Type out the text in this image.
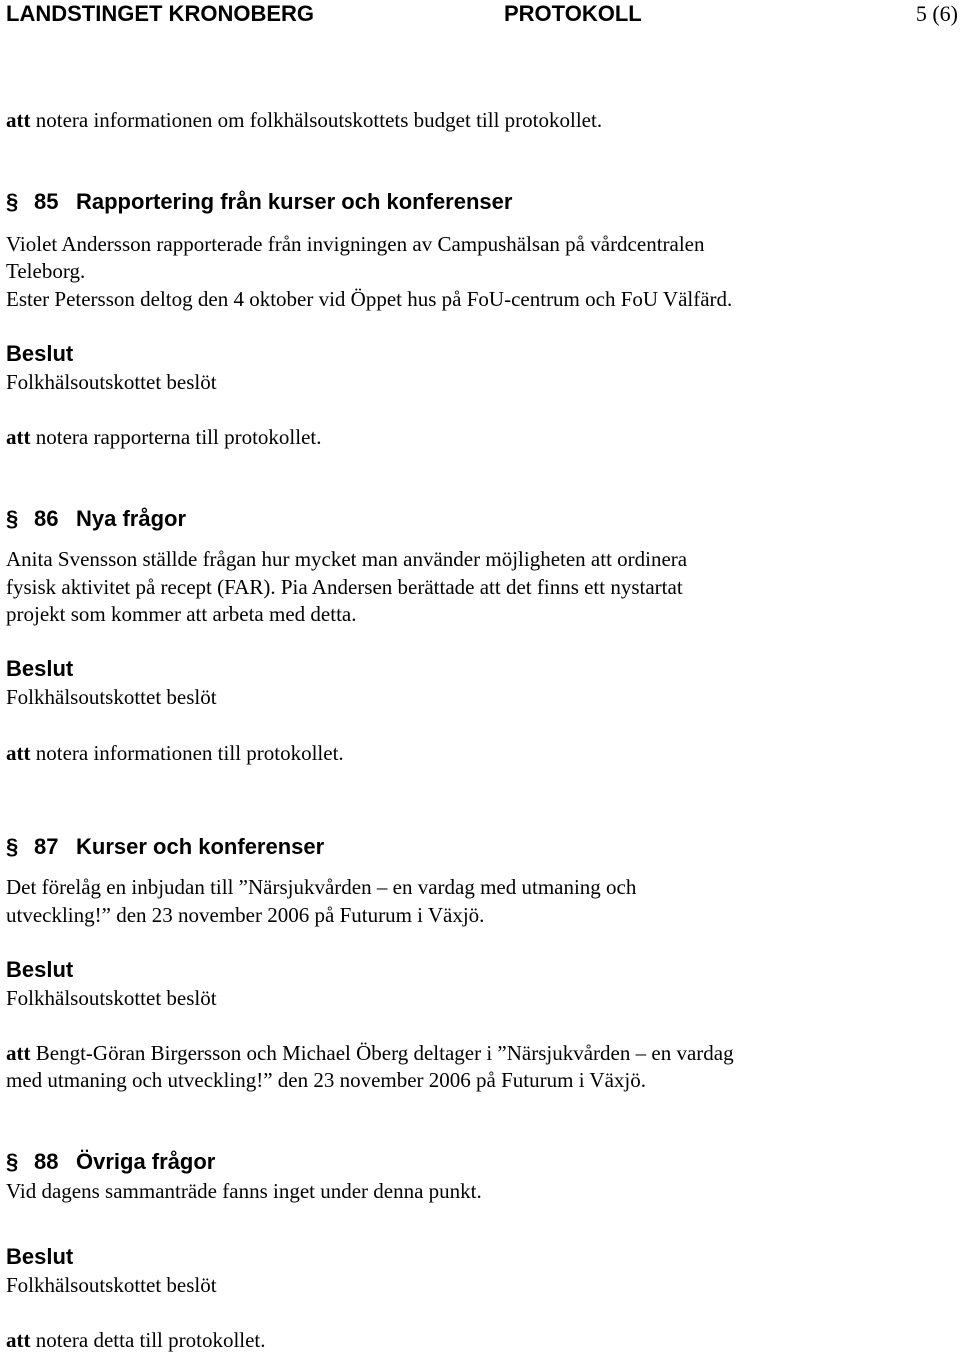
LANDSTINGET KRONOBERG	PROTOKOLL	5 (6)
att notera informationen om folkhälsoutskottets budget till protokollet.
§ 85 Rapportering från kurser och konferenser
Violet Andersson rapporterade från invigningen av Campushälsan på vårdcentralen
Teleborg.
Ester Petersson deltog den 4 oktober vid Öppet hus på FoU-centrum och FoU Välfärd.
Beslut
Folkhälsoutskottet beslöt
att notera rapporterna till protokollet.
§ 86 Nya frågor
Anita Svensson ställde frågan hur mycket man använder möjligheten att ordinera
fysisk aktivitet på recept (FAR). Pia Andersen berättade att det finns ett nystartat
projekt som kommer att arbeta med detta.
Beslut
Folkhälsoutskottet beslöt
att notera informationen till protokollet.
§ 87 Kurser och konferenser
Det förelåg en inbjudan till ”Närsjukvården – en vardag med utmaning och
utveckling!” den 23 november 2006 på Futurum i Växjö.
Beslut
Folkhälsoutskottet beslöt
att Bengt-Göran Birgersson och Michael Öberg deltager i ”Närsjukvården – en vardag
med utmaning och utveckling!” den 23 november 2006 på Futurum i Växjö.
§ 88 Övriga frågor
Vid dagens sammanträde fanns inget under denna punkt.
Beslut
Folkhälsoutskottet beslöt
att notera detta till protokollet.
